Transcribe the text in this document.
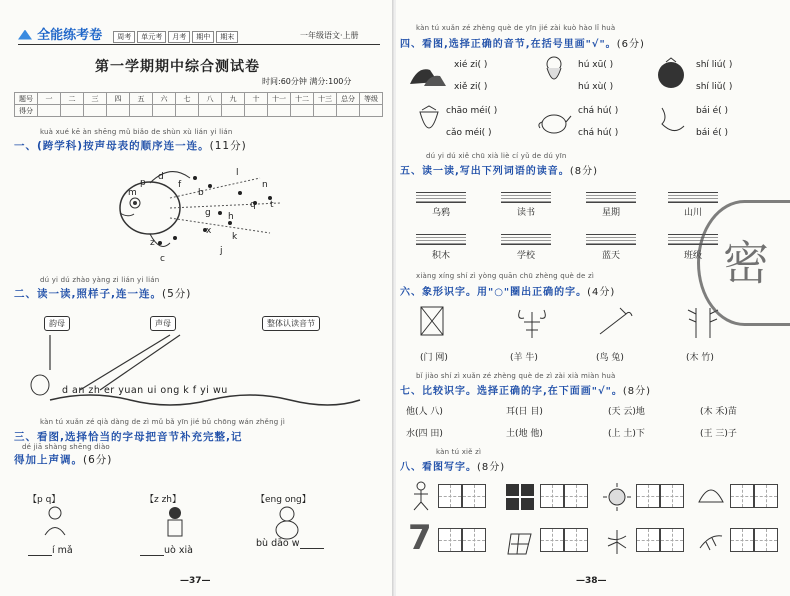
全能练考卷 周考 单元考 月考 期中 期末	一年级语文·上册
第一学期期中综合测试卷
时间:60分钟 满分:100分
题号	一	二	三	四	五	六	七	八	九	十	十一	十二	十三	总分	等级
得分															
kuà xué kē àn shēng mǔ biǎo de shùn xù lián yi lián
一、(跨学科)按声母表的顺序连一连。(11分)
p
d
f
m
l
b
n
t
q
h
g
k
x
j
z
c
dú yi dú zhào yàng zi lián yi lián
二、读一读,照样子,连一连。(5分)
韵母	声母	整体认读音节
d an zh er yuan ui ong k f yi wu
kàn tú xuǎn zé qià dàng de zì mǔ bǎ yīn jié bǔ chōng wán zhěng jì
三、看图,选择恰当的字母把音节补充完整,记
dé jiā shàng shēng diào
得加上声调。(6分)
【p q】	【z zh】	【eng ong】
í mǎ	uò xià
bù dāo w
—37—
kàn tú xuǎn zé zhèng què de yīn jié zài kuò hào lǐ huà
四、看图,选择正确的音节,在括号里画"√"。(6分)
xié zi( )
xiě zi( )
hú xū( )
hú xù( )
shí liú( )
shí liǔ( )
chāo méi( )
cǎo méi( )
chá hú( )
chá hú( )
bái é( )
bái é( )
dú yi dú xiě chū xià liè cí yǔ de dú yīn
五、读一读,写出下列词语的读音。(8分)
乌鸦	读书	星期	山川
积木	学校	蓝天	班级
xiàng xíng shí zì yòng quān chū zhèng què de zì
六、象形识字。用"○"圈出正确的字。(4分)
(门 网)	(羊 牛)	(鸟 兔)	(木 竹)
bǐ jiào shí zì xuǎn zé zhèng què de zì zài xià miàn huà
七、比较识字。选择正确的字,在下面画"√"。(8分)
他(人 八)	耳(日 目)	(天 云)地	(木 禾)苗
水(四 田)	土(地 他)	(上 土)下	(王 三)子
kàn tú xiě zì
八、看图写字。(8分)
7
—38—
密
